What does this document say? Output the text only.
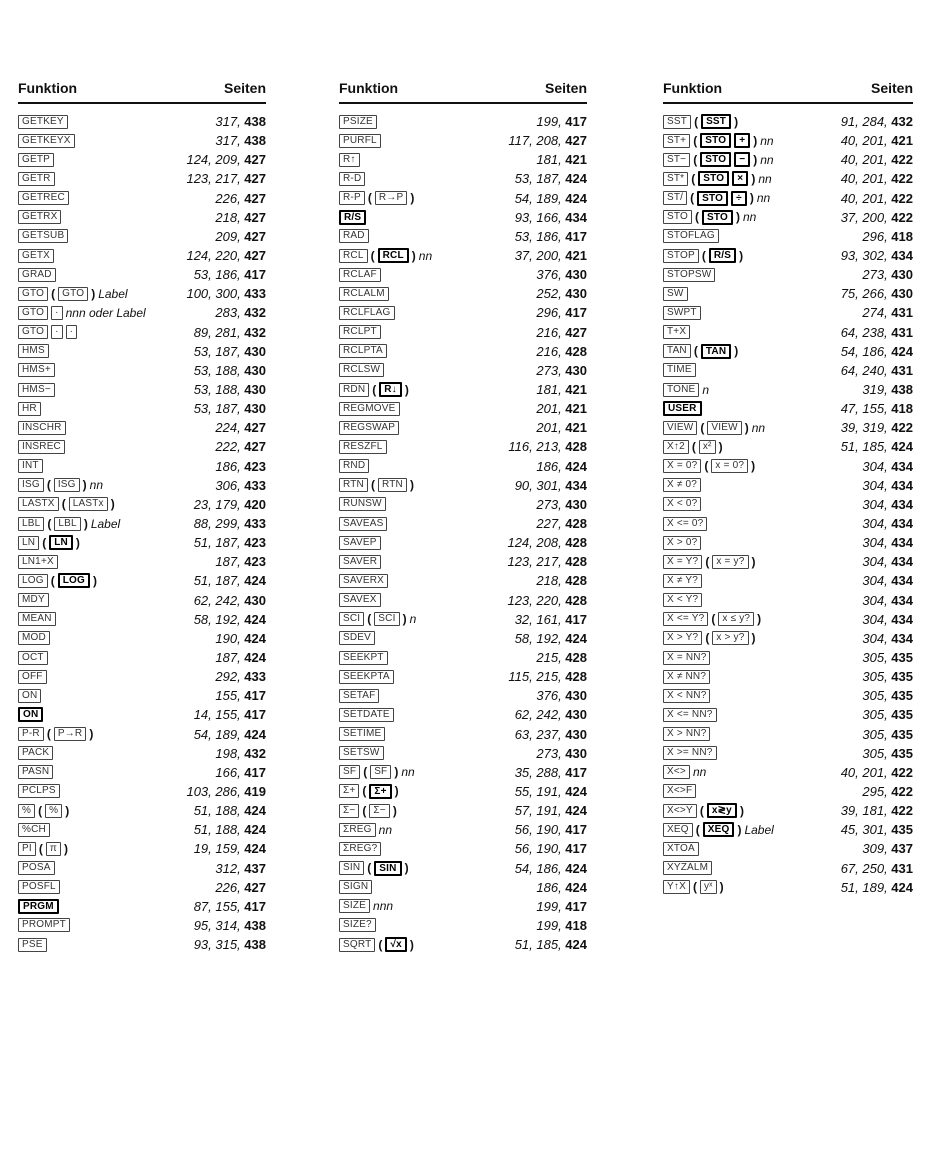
Funktion	Seiten
GETKEY	317, 438
GETKEYX	317, 438
GETP	124, 209, 427
GETR	123, 217, 427
GETREC	226, 427
GETRX	218, 427
GETSUB	209, 427
GETX	124, 220, 427
GRAD	53, 186, 417
GTO ( GTO ) Label	100, 300, 433
GTO	· nnn oder Label	283, 432
GTO	·	·	89, 281, 432
HMS	53, 187, 430
HMS+	53, 188, 430
HMS−	53, 188, 430
HR	53, 187, 430
INSCHR	224, 427
INSREC	222, 427
INT	186, 423
ISG ( ISG ) nn	306, 433
LASTX ( LASTx )	23, 179, 420
LBL ( LBL ) Label	88, 299, 433
LN ( LN )	51, 187, 423
LN1+X	187, 423
LOG ( LOG )	51, 187, 424
MDY	62, 242, 430
MEAN	58, 192, 424
MOD	190, 424
OCT	187, 424
OFF	292, 433
ON	155, 417
ON	14, 155, 417
P-R ( P→R )	54, 189, 424
PACK	198, 432
PASN	166, 417
PCLPS	103, 286, 419
% ( % )	51, 188, 424
%CH	51, 188, 424
PI ( π )	19, 159, 424
POSA	312, 437
POSFL	226, 427
PRGM	87, 155, 417
PROMPT	95, 314, 438
PSE	93, 315, 438
Funktion	Seiten
PSIZE	199, 417
PURFL	117, 208, 427
R↑	181, 421
R-D	53, 187, 424
R-P ( R→P )	54, 189, 424
R/S	93, 166, 434
RAD	53, 186, 417
RCL ( RCL ) nn	37, 200, 421
RCLAF	376, 430
RCLALM	252, 430
RCLFLAG	296, 417
RCLPT	216, 427
RCLPTA	216, 428
RCLSW	273, 430
RDN ( R↓ )	181, 421
REGMOVE	201, 421
REGSWAP	201, 421
RESZFL	116, 213, 428
RND	186, 424
RTN ( RTN )	90, 301, 434
RUNSW	273, 430
SAVEAS	227, 428
SAVEP	124, 208, 428
SAVER	123, 217, 428
SAVERX	218, 428
SAVEX	123, 220, 428
SCI ( SCI ) n	32, 161, 417
SDEV	58, 192, 424
SEEKPT	215, 428
SEEKPTA	115, 215, 428
SETAF	376, 430
SETDATE	62, 242, 430
SETIME	63, 237, 430
SETSW	273, 430
SF ( SF ) nn	35, 288, 417
Σ+ ( Σ+ )	55, 191, 424
Σ− ( Σ− )	57, 191, 424
ΣREG nn	56, 190, 417
ΣREG?	56, 190, 417
SIN ( SIN )	54, 186, 424
SIGN	186, 424
SIZE nnn	199, 417
SIZE?	199, 418
SQRT ( √x )	51, 185, 424
Funktion	Seiten
SST ( SST )	91, 284, 432
ST+ ( STO	+ ) nn	40, 201, 421
ST− ( STO	− ) nn	40, 201, 422
ST* ( STO	× ) nn	40, 201, 422
ST/ ( STO	÷ ) nn	40, 201, 422
STO ( STO ) nn	37, 200, 422
STOFLAG	296, 418
STOP ( R/S )	93, 302, 434
STOPSW	273, 430
SW	75, 266, 430
SWPT	274, 431
T+X	64, 238, 431
TAN ( TAN )	54, 186, 424
TIME	64, 240, 431
TONE n	319, 438
USER	47, 155, 418
VIEW ( VIEW ) nn	39, 319, 422
X↑2 ( x² )	51, 185, 424
X = 0? ( x = 0? )	304, 434
X ≠ 0?	304, 434
X < 0?	304, 434
X <= 0?	304, 434
X > 0?	304, 434
X = Y? ( x = y? )	304, 434
X ≠ Y?	304, 434
X < Y?	304, 434
X <= Y? ( x ≤ y? )	304, 434
X > Y? ( x > y? )	304, 434
X = NN?	305, 435
X ≠ NN?	305, 435
X < NN?	305, 435
X <= NN?	305, 435
X > NN?	305, 435
X >= NN?	305, 435
X<> nn	40, 201, 422
X<>F	295, 422
X<>Y ( x≷y )	39, 181, 422
XEQ ( XEQ ) Label	45, 301, 435
XTOA	309, 437
XYZALM	67, 250, 431
Y↑X ( yˣ )	51, 189, 424
